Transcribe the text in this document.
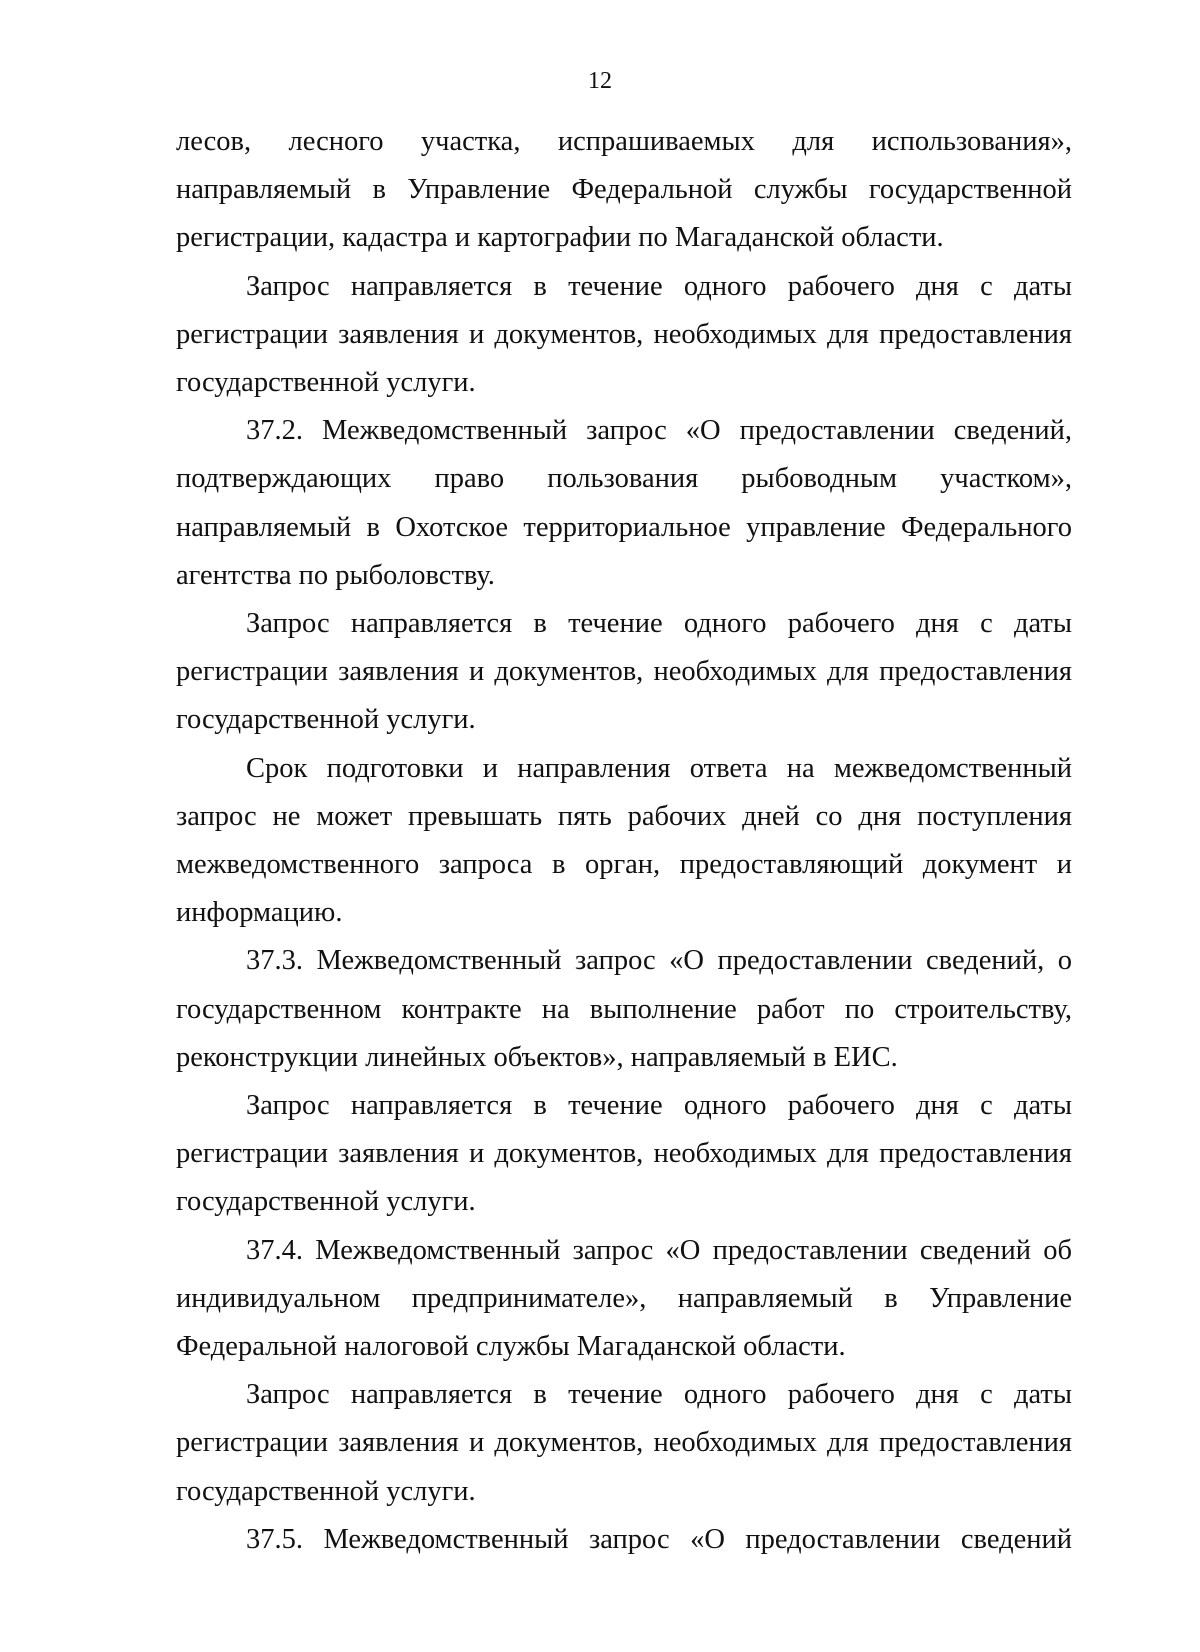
12

лесов, лесного участка, испрашиваемых для использования», направляемый в Управление Федеральной службы государственной регистрации, кадастра и картографии по Магаданской области.

Запрос направляется в течение одного рабочего дня с даты регистрации заявления и документов, необходимых для предоставления государственной услуги.

37.2. Межведомственный запрос «О предоставлении сведений, подтверждающих право пользования рыбоводным участком», направляемый в Охотское территориальное управление Федерального агентства по рыболовству.

Запрос направляется в течение одного рабочего дня с даты регистрации заявления и документов, необходимых для предоставления государственной услуги.

Срок подготовки и направления ответа на межведомственный запрос не может превышать пять рабочих дней со дня поступления межведомственного запроса в орган, предоставляющий документ и информацию.

37.3. Межведомственный запрос «О предоставлении сведений, о государственном контракте на выполнение работ по строительству, реконструкции линейных объектов», направляемый в ЕИС.

Запрос направляется в течение одного рабочего дня с даты регистрации заявления и документов, необходимых для предоставления государственной услуги.

37.4. Межведомственный запрос «О предоставлении сведений об индивидуальном предпринимателе», направляемый в Управление Федеральной налоговой службы Магаданской области.

Запрос направляется в течение одного рабочего дня с даты регистрации заявления и документов, необходимых для предоставления государственной услуги.

37.5. Межведомственный запрос «О предоставлении сведений
